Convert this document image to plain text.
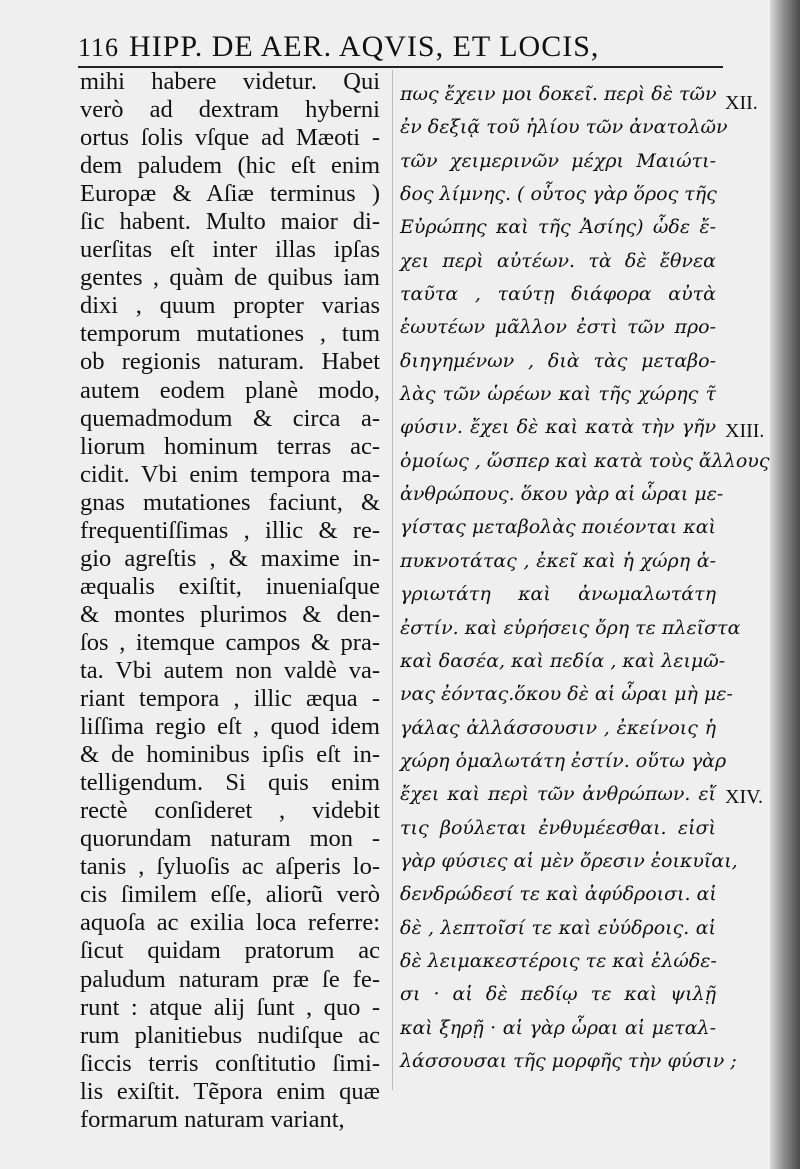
116 HIPP. DE AER. AQVIS, ET LOCIS,
mihi habere videtur. Qui
verò ad dextram hyberni
ortus ſolis vſque ad Mæoti -
dem paludem (hic eſt enim
Europæ & Aſiæ terminus )
ſic habent. Multo maior di-
uerſitas eſt inter illas ipſas
gentes , quàm de quibus iam
dixi , quum propter varias
temporum mutationes , tum
ob regionis naturam. Habet
autem eodem planè modo,
quemadmodum & circa a-
liorum hominum terras ac-
cidit. Vbi enim tempora ma-
gnas mutationes faciunt, &
frequentiſſimas , illic & re-
gio agreſtis , & maxime in-
æqualis exiſtit, inueniaſque
& montes plurimos & den-
ſos , itemque campos & pra-
ta. Vbi autem non valdè va-
riant tempora , illic æqua -
liſſima regio eſt , quod idem
& de hominibus ipſis eſt in-
telligendum. Si quis enim
rectè conſideret , videbit
quorundam naturam mon -
tanis , ſyluoſis ac aſperis lo-
cis ſimilem eſſe, aliorũ verò
aquoſa ac exilia loca referre:
ſicut quidam pratorum ac
paludum naturam præ ſe fe-
runt : atque alij ſunt , quo -
rum planitiebus nudiſque ac
ſiccis terris conſtitutio ſimi-
lis exiſtit. Tẽpora enim quæ
formarum naturam variant,
πως ἔχειν μοι δοκεῖ. περὶ δὲ τῶν
ἐν δεξιᾷ τοῦ ἡλίου τῶν ἀνατολῶν
τῶν χειμερινῶν μέχρι Μαιώτι-
δος λίμνης. ( οὗτος γὰρ ὅρος τῆς
Εὐρώπης καὶ τῆς Ἀσίης) ὧδε ἔ-
χει περὶ αὐτέων. τὰ δὲ ἔθνεα
ταῦτα , ταύτῃ διάφορα αὐτὰ
ἑωυτέων μᾶλλον ἐστὶ τῶν προ-
διηγημένων , διὰ τὰς μεταβο-
λὰς τῶν ὡρέων καὶ τῆς χώρης τ̃
φύσιν. ἔχει δὲ καὶ κατὰ τὴν γῆν
ὁμοίως , ὥσπερ καὶ κατὰ τοὺς ἄλλους
ἀνθρώπους. ὅκου γὰρ αἱ ὧραι με-
γίστας μεταβολὰς ποιέονται καὶ
πυκνοτάτας , ἐκεῖ καὶ ἡ χώρη ἀ-
γριωτάτη καὶ ἀνωμαλωτάτη
ἐστίν. καὶ εὑρήσεις ὄρη τε πλεῖστα
καὶ δασέα, καὶ πεδία , καὶ λειμῶ-
νας ἐόντας.ὅκου δὲ αἱ ὧραι μὴ με-
γάλας ἀλλάσσουσιν , ἐκείνοις ἡ
χώρη ὁμαλωτάτη ἐστίν. οὕτω γὰρ
ἔχει καὶ περὶ τῶν ἀνθρώπων. εἴ
τις βούλεται ἐνθυμέεσθαι. εἰσὶ
γὰρ φύσιες αἱ μὲν ὄρεσιν ἐοικυῖαι,
δενδρώδεσί τε καὶ ἀφύδροισι. αἱ
δὲ , λεπτοῖσί τε καὶ εὐύδροις. αἱ
δὲ λειμακεστέροις τε καὶ ἑλώδε-
σι · αἱ δὲ πεδίῳ τε καὶ ψιλῇ
καὶ ξηρῇ · αἱ γὰρ ὧραι αἱ μεταλ-
λάσσουσαι τῆς μορφῆς τὴν φύσιν ;
XII.
XIII.
XIV.
